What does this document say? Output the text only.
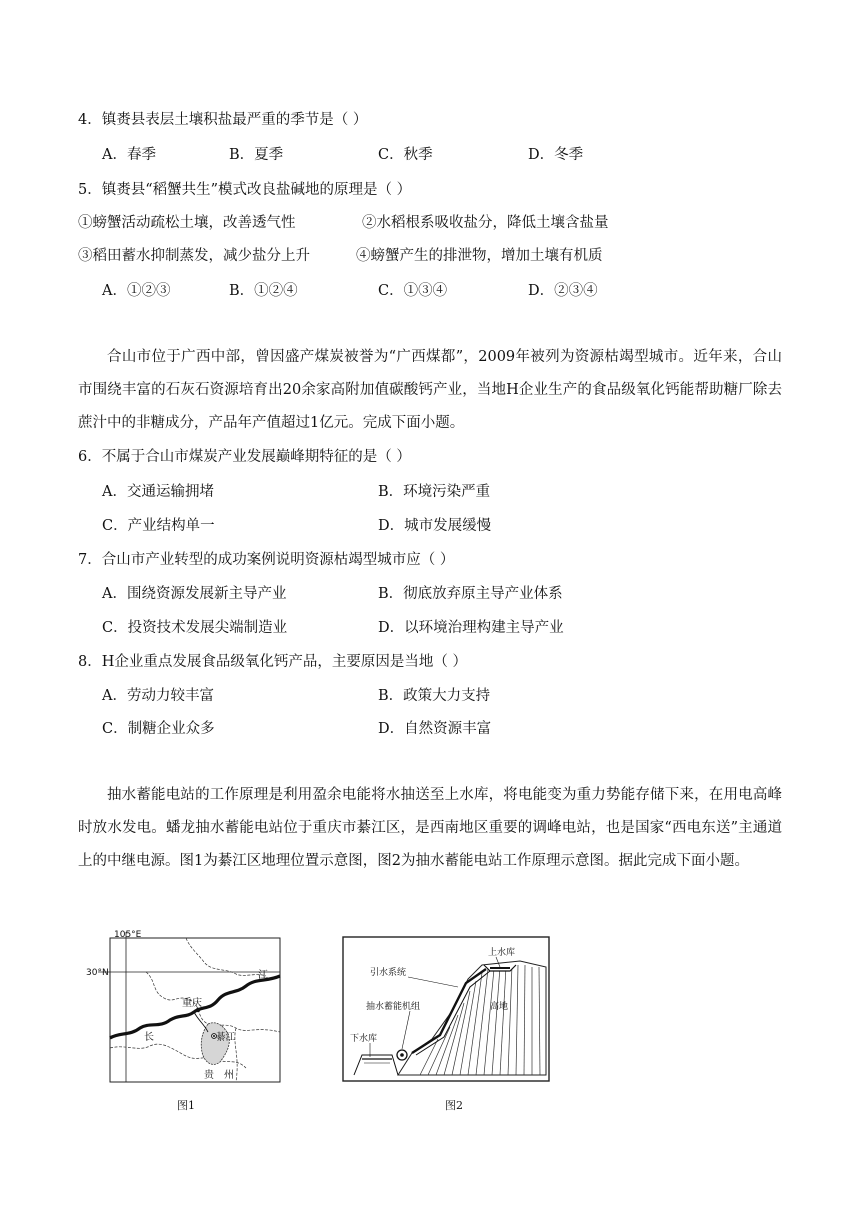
4．镇赉县表层土壤积盐最严重的季节是（ ）
A．春季	B．夏季	C．秋季	D．冬季
5．镇赉县“稻蟹共生”模式改良盐碱地的原理是（ ）
①螃蟹活动疏松土壤，改善透气性	②水稻根系吸收盐分，降低土壤含盐量
③稻田蓄水抑制蒸发，减少盐分上升	④螃蟹产生的排泄物，增加土壤有机质
A．①②③	B．①②④	C．①③④	D．②③④
合山市位于广西中部，曾因盛产煤炭被誉为“广西煤都”，2009年被列为资源枯竭型城市。近年来，合山市围绕丰富的石灰石资源培育出20余家高附加值碳酸钙产业，当地H企业生产的食品级氧化钙能帮助糖厂除去蔗汁中的非糖成分，产品年产值超过1亿元。完成下面小题。
6．不属于合山市煤炭产业发展巅峰期特征的是（ ）
A．交通运输拥堵	B．环境污染严重
C．产业结构单一	D．城市发展缓慢
7．合山市产业转型的成功案例说明资源枯竭型城市应（ ）
A．围绕资源发展新主导产业	B．彻底放弃原主导产业体系
C．投资技术发展尖端制造业	D．以环境治理构建主导产业
8．H企业重点发展食品级氧化钙产品，主要原因是当地（ ）
A．劳动力较丰富	B．政策大力支持
C．制糖企业众多	D．自然资源丰富
抽水蓄能电站的工作原理是利用盈余电能将水抽送至上水库，将电能变为重力势能存储下来，在用电高峰时放水发电。蟠龙抽水蓄能电站位于重庆市綦江区，是西南地区重要的调峰电站，也是国家“西电东送”主通道上的中继电源。图1为綦江区地理位置示意图，图2为抽水蓄能电站工作原理示意图。据此完成下面小题。
105°E
30°N
重庆
綦江
长
江
贵 州
图1
上水库
引水系统
抽水蓄能机组	高地
下水库
图2
